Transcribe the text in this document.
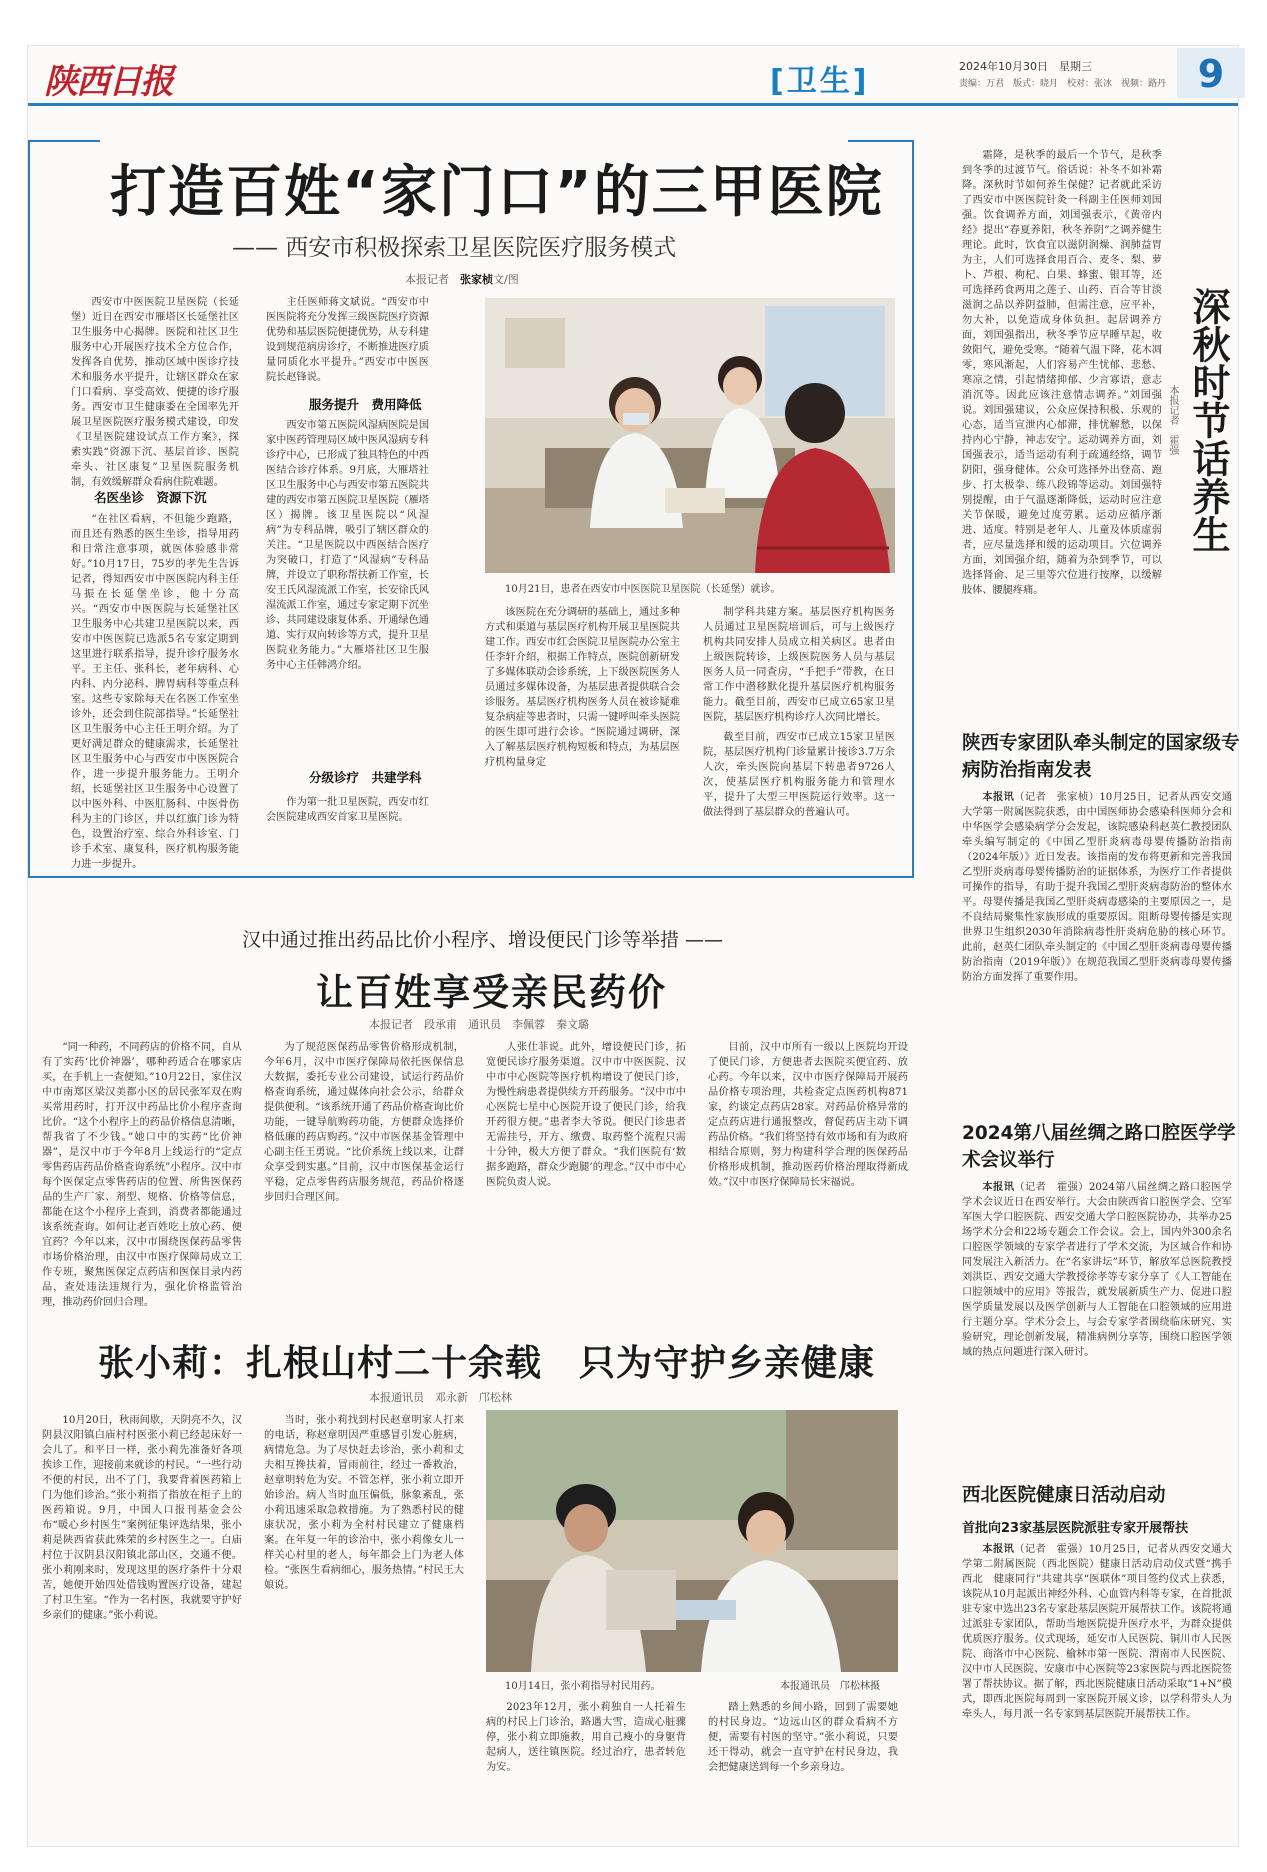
陕西日报	[卫生]	2024年10月30日　星期三
责编：万君　版式：晓月　校对：张冰　视频：路丹 9
打造百姓“家门口”的三甲医院
—— 西安市积极探索卫星医院医疗服务模式
本报记者　 张家桢文/图
西安市中医医院卫星医院（长延堡）近日在西安市雁塔区长延堡社区卫生服务中心揭牌。医院和社区卫生服务中心开展医疗技术全方位合作，发挥各自优势，推动区域中医诊疗技术和服务水平提升，让辖区群众在家门口看病、享受高效、便捷的诊疗服务。西安市卫生健康委在全国率先开展卫星医院医疗服务模式建设，印发《卫星医院建设试点工作方案》，探索实践“资源下沉、基层首诊、医院牵头、社区康复”卫星医院服务机制，有效缓解群众看病住院难题。
名医坐诊　资源下沉
“在社区看病，不但能少跑路，而且还有熟悉的医生坐诊，指导用药和日常注意事项，就医体验感非常好。”10月17日，75岁的孝先生告诉记者，得知西安市中医医院内科主任马振在长延堡坐诊，他十分高兴。“西安市中医医院与长延堡社区卫生服务中心共建卫星医院以来，西安市中医医院已选派5名专家定期到这里进行联系指导，提升诊疗服务水平。王主任、张科长，老年病科、心内科、内分泌科、脾胃病科等重点科室。这些专家除每天在名医工作室坐诊外，还会到住院部指导。”长延堡社区卫生服务中心主任王明介绍。为了更好满足群众的健康需求，长延堡社区卫生服务中心与西安市中医医院合作，进一步提升服务能力。王明介绍，长延堡社区卫生服务中心设置了以中医外科、中医肛肠科、中医骨伤科为主的门诊区，并以红旗门诊为特色，设置治疗室、综合外科诊室、门诊手术室、康复科，医疗机构服务能力进一步提升。
主任医师蒋文斌说。“西安市中医医院将充分发挥三级医院医疗资源优势和基层医院便捷优势，从专科建设到规范病房诊疗，不断推进医疗质量同质化水平提升。”西安市中医医院长赵锋说。
服务提升　费用降低
西安市第五医院风湿病医院是国家中医药管理局区域中医风湿病专科诊疗中心，已形成了独具特色的中西医结合诊疗体系。9月底，大雁塔社区卫生服务中心与西安市第五医院共建的西安市第五医院卫星医院（雁塔区）揭牌。该卫星医院以“风湿病”为专科品牌，吸引了辖区群众的关注。“卫星医院以中西医结合医疗为突破口，打造了“风湿病”专科品牌，并设立了职称帮扶新工作室，长安王氏风湿流派工作室，长安徐氏风湿流派工作室，通过专家定期下沉坐诊、共同建设康复体系、开通绿色通道、实行双向转诊等方式，提升卫星医院业务能力。”大雁塔社区卫生服务中心主任韩鸿介绍。
分级诊疗　共建学科
作为第一批卫星医院，西安市红会医院建成西安首家卫星医院。
10月21日，患者在西安市中医医院卫星医院（长延堡）就诊。
该医院在充分调研的基础上，通过多种方式和渠道与基层医疗机构开展卫星医院共建工作。西安市红会医院卫星医院办公室主任李轩介绍，根据工作特点，医院创新研发了多媒体联动会诊系统，上下级医院医务人员通过多媒体设备，为基层患者提供联合会诊服务。基层医疗机构医务人员在被诊疑难复杂病症等患者时，只需一键呼叫牵头医院的医生即可进行会诊。“医院通过调研，深入了解基层医疗机构短板和特点，为基层医疗机构量身定
制学科共建方案。基层医疗机构医务人员通过卫星医院培训后，可与上级医疗机构共同安排人员成立相关病区。患者由上级医院转诊，上级医院医务人员与基层医务人员一同查房，“手把手”带教，在日常工作中潜移默化提升基层医疗机构服务能力。截至目前，西安市已成立65家卫星医院，基层医疗机构诊疗人次同比增长。
截至目前，西安市已成立15家卫星医院，基层医疗机构门诊量累计接诊3.7万余人次，牵头医院向基层下转患者9726人次，使基层医疗机构服务能力和管理水平，提升了大型三甲医院运行效率。这一做法得到了基层群众的普遍认可。
汉中通过推出药品比价小程序、增设便民门诊等举措 ——
让百姓享受亲民药价
本报记者　段承甫　通讯员　李佩蓉　秦文璐
“同一种药，不同药店的价格不同，自从有了实药‘比价神器’，哪种药适合在哪家店买，在手机上一查便知。”10月22日，家住汉中市南郑区梁汉美都小区的居民张军双在购买常用药时，打开汉中药品比价小程序查询比价。“这个小程序上的药品价格信息清晰，帮我省了不少钱。”她口中的实药“比价神器”，是汉中市于今年8月上线运行的“定点零售药店药品价格查询系统”小程序。汉中市每个医保定点零售药店的位置、所售医保药品的生产厂家、剂型、规格、价格等信息，都能在这个小程序上查到，消费者都能通过该系统查询。如何让老百姓吃上放心药、便宜药？今年以来，汉中市围绕医保药品零售市场价格治理，由汉中市医疗保障局成立工作专班，聚焦医保定点药店和医保目录内药品，查处违法违规行为，强化价格监管治理，推动药价回归合理。
为了规范医保药品零售价格形成机制，今年6月，汉中市医疗保障局依托医保信息大数据，委托专业公司建设，试运行药品价格查询系统，通过媒体向社会公示，给群众提供便利。“该系统开通了药品价格查询比价功能，一键导航购药功能，方便群众选择价格低廉的药店购药。”汉中市医保基金管理中心副主任王勇说。“比价系统上线以来，让群众享受到实惠。”目前，汉中市医保基金运行平稳，定点零售药店服务规范，药品价格逐步回归合理区间。
人张仕菲说。此外，增设便民门诊，拓宽便民诊疗服务渠道。汉中市中医医院、汉中市中心医院等医疗机构增设了便民门诊，为慢性病患者提供续方开药服务。“汉中市中心医院七星中心医院开设了便民门诊，给我开药很方便。”患者李大爷说。便民门诊患者无需挂号，开方、缴费、取药整个流程只需十分钟，极大方便了群众。“我们医院有‘数据多跑路，群众少跑腿’的理念。”汉中市中心医院负责人说。
目前，汉中市所有一级以上医院均开设了便民门诊，方便患者去医院买便宜药、放心药。今年以来，汉中市医疗保障局开展药品价格专项治理，共检查定点医药机构871家，约谈定点药店28家。对药品价格异常的定点药店进行通报整改，督促药店主动下调药品价格。“我们将坚持有效市场和有为政府相结合原则，努力构建科学合理的医保药品价格形成机制，推动医药价格治理取得新成效。”汉中市医疗保障局长宋福说。
张小莉：扎根山村二十余载　只为守护乡亲健康
本报通讯员　邓永新　邝松林
10月20日，秋雨间歇，天阴亮不久，汉阴县汉阳镇白庙村村医张小莉已经起床好一会儿了。和平日一样，张小莉先准备好各项挨诊工作，迎接前来就诊的村民。“一些行动不便的村民，出不了门，我要背着医药箱上门为他们诊治。”张小莉指了指放在柜子上的医药箱说。9月，中国人口报刊基金会公布“暖心乡村医生”案例征集评选结果，张小莉是陕西省获此殊荣的乡村医生之一。白庙村位于汉阴县汉阳镇北部山区，交通不便。张小莉刚来时，发现这里的医疗条件十分艰苦，她便开始四处借钱购置医疗设备，建起了村卫生室。“作为一名村医，我就要守护好乡亲们的健康。”张小莉说。
当时，张小莉找到村民赵章明家人打来的电话，称赵章明因严重感冒引发心脏病，病情危急。为了尽快赶去诊治，张小莉和丈夫相互搀扶着，冒雨前往，经过一番救治，赵章明转危为安。不管怎样，张小莉立即开始诊治。病人当时血压偏低，脉象紊乱，张小莉迅速采取急救措施。为了熟悉村民的健康状况，张小莉为全村村民建立了健康档案。在年复一年的诊治中，张小莉像女儿一样关心村里的老人，每年都会上门为老人体检。“张医生看病细心，服务热情。”村民王大娘说。
10月14日，张小莉指导村民用药。	本报通讯员　邝松林摄
2023年12月，张小莉独自一人托着生病的村民上门诊治，路遇大雪，造成心脏骤停，张小莉立即施救，用自己瘦小的身躯背起病人，送往镇医院。经过治疗，患者转危为安。
踏上熟悉的乡间小路，回到了需要她的村民身边。“边远山区的群众看病不方便，需要有村医的坚守。”张小莉说，只要还干得动，就会一直守护在村民身边，我会把健康送到每一个乡亲身边。
深秋时节话养生
本报记者　霍强
霜降，是秋季的最后一个节气，是秋季到冬季的过渡节气。俗话说：补冬不如补霜降。深秋时节如何养生保健？记者就此采访了西安市中医医院针灸一科副主任医师刘国强。饮食调养方面，刘国强表示，《黄帝内经》提出“春夏养阳，秋冬养阴”之调养健生理论。此时，饮食宜以滋阴润燥、润肺益胃为主，人们可选择食用百合、麦冬、梨、萝卜、芦根、枸杞、白果、蜂蜜、银耳等，还可选择药食两用之莲子、山药、百合等甘淡滋润之品以养阴益肺，但需注意，应平补，勿大补，以免造成身体负担。起居调养方面，刘国强指出，秋冬季节应早睡早起，收敛阳气，避免受寒。“随着气温下降，花木凋零，寒风渐起，人们容易产生忧郁、悲愁、寒凉之情，引起情绪抑郁、少言寡语，意志消沉等。因此应该注意情志调养。”刘国强说。刘国强建议，公众应保持积极、乐观的心态，适当宣泄内心郁滞，排忧解愁，以保持内心宁静，神志安宁。运动调养方面，刘国强表示，适当运动有利于疏通经络，调节阴阳，强身健体。公众可选择外出登高、跑步、打太极拳、练八段锦等运动。刘国强特别提醒，由于气温逐渐降低，运动时应注意关节保暖，避免过度劳累。运动应循序渐进、适度。特别是老年人、儿童及体质虚弱者，应尽量选择和缓的运动项目。穴位调养方面，刘国强介绍，随着为杂到季节，可以选择肾俞、足三里等穴位进行按摩，以缓解肢体、腰腿疼痛。
陕西专家团队牵头制定的国家级专病防治指南发表
本报讯（记者　张家桢）10月25日，记者从西安交通大学第一附属医院获悉，由中国医师协会感染科医师分会和中华医学会感染病学分会发起，该院感染科赵英仁教授团队牵头编写制定的《中国乙型肝炎病毒母婴传播防治指南（2024年版）》近日发表。该指南的发布将更新和完善我国乙型肝炎病毒母婴传播防治的证据体系，为医疗工作者提供可操作的指导，有助于提升我国乙型肝炎病毒防治的整体水平。母婴传播是我国乙型肝炎病毒感染的主要原因之一，是不良结局聚集性家族形成的重要原因。阻断母婴传播是实现世界卫生组织2030年消除病毒性肝炎病危胁的核心环节。此前，赵英仁团队牵头制定的《中国乙型肝炎病毒母婴传播防治指南（2019年版）》在规范我国乙型肝炎病毒母婴传播防治方面发挥了重要作用。
2024第八届丝绸之路口腔医学学术会议举行
本报讯（记者　霍强）2024第八届丝绸之路口腔医学学术会议近日在西安举行。大会由陕西省口腔医学会、空军军医大学口腔医院、西安交通大学口腔医院协办，共举办25场学术分会和22场专题会工作会议。会上，国内外300余名口腔医学领域的专家学者进行了学术交流，为区域合作和协同发展注入新活力。在“名家讲坛”环节，解放军总医院教授刘洪臣、西安交通大学教授徐孝等专家分享了《人工智能在口腔领域中的应用》等报告，就发展新质生产力、促进口腔医学质量发展以及医学创新与人工智能在口腔领域的应用进行主题分享。学术分会上，与会专家学者围绕临床研究、实验研究，理论创新发展，精准病例分享等，围绕口腔医学领域的热点问题进行深入研讨。
西北医院健康日活动启动
首批向23家基层医院派驻专家开展帮扶
本报讯（记者　霍强）10月25日，记者从西安交通大学第二附属医院（西北医院）健康日活动启动仪式暨“携手西北　健康同行”共建共享“医联体”项目签约仪式上获悉，该院从10月起派出神经外科、心血管内科等专家，在首批派驻专家中选出23名专家赴基层医院开展帮扶工作。该院将通过派驻专家团队，帮助当地医院提升医疗水平，为群众提供优质医疗服务。仪式现场，延安市人民医院、铜川市人民医院、商洛市中心医院、榆林市第一医院、渭南市人民医院、汉中市人民医院、安康市中心医院等23家医院与西北医院签署了帮扶协议。据了解，西北医院健康日活动采取“1+N”模式，即西北医院每周到一家医院开展义诊，以学科带头人为牵头人，每月派一名专家到基层医院开展帮扶工作。
